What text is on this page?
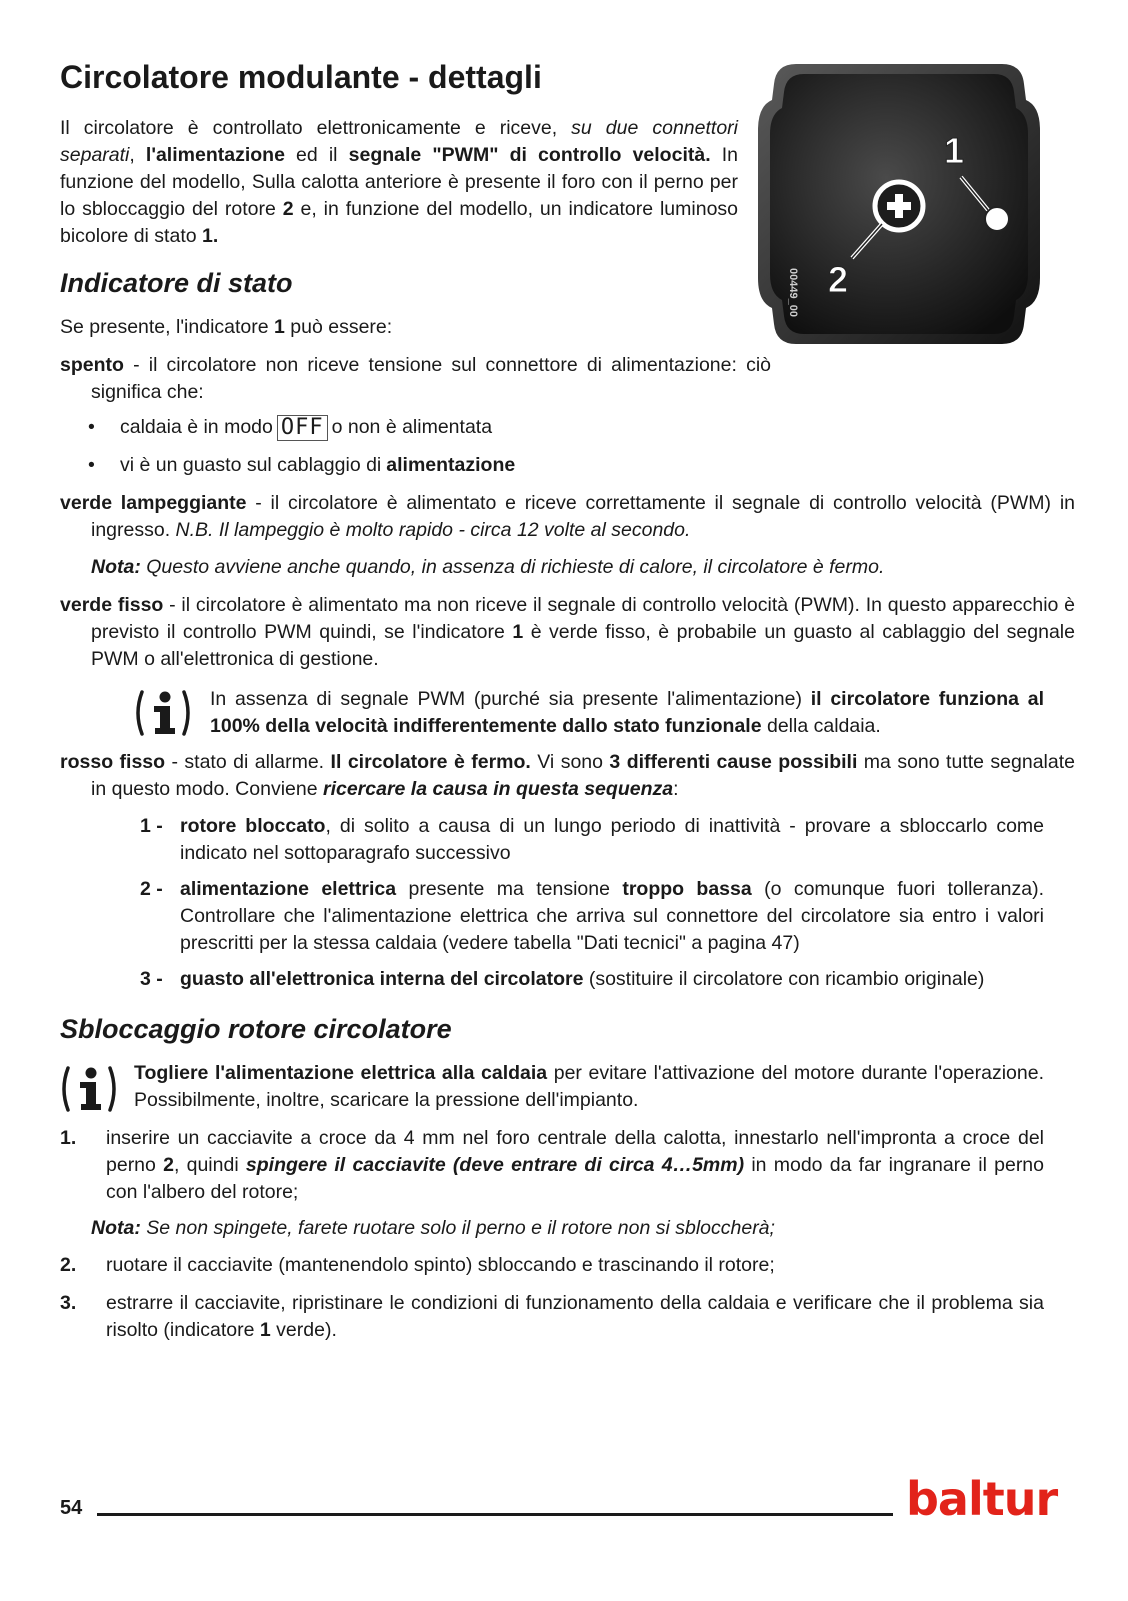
Circolatore modulante - dettagli

Il circolatore è controllato elettronicamente e riceve, su due connettori separati, l'alimentazione ed il segnale "PWM" di controllo velocità. In funzione del modello, Sulla calotta anteriore è presente il foro con il perno per lo sbloccaggio del rotore 2 e, in funzione del modello, un indicatore luminoso bicolore di stato 1.

00449_00 2
1
Indicatore di stato

Se presente, l'indicatore 1 può essere:

spento - il circolatore non riceve tensione sul connettore di alimentazione: ciò significa che:

•	caldaia è in modo OFF o non è alimentata
•	vi è un guasto sul cablaggio di alimentazione

verde lampeggiante - il circolatore è alimentato e riceve correttamente il segnale di controllo velocità (PWM) in ingresso. N.B. Il lampeggio è molto rapido - circa 12 volte al secondo.

Nota: Questo avviene anche quando, in assenza di richieste di calore, il circolatore è fermo.

verde fisso - il circolatore è alimentato ma non riceve il segnale di controllo velocità (PWM). In questo apparecchio è previsto il controllo PWM quindi, se l'indicatore 1 è verde fisso, è probabile un guasto al cablaggio del segnale PWM o all'elettronica di gestione.

In assenza di segnale PWM (purché sia presente l'alimentazione) il circolatore funziona al 100% della velocità indifferentemente dallo stato funzionale della caldaia.

rosso fisso - stato di allarme. Il circolatore è fermo. Vi sono 3 differenti cause possibili ma sono tutte segnalate in questo modo. Conviene ricercare la causa in questa sequenza:

1 - rotore bloccato, di solito a causa di un lungo periodo di inattività - provare a sbloccarlo come indicato nel sottoparagrafo successivo
2 - alimentazione elettrica presente ma tensione troppo bassa (o comunque fuori tolleranza). Controllare che l'alimentazione elettrica che arriva sul connettore del circolatore sia entro i valori prescritti per la stessa caldaia (vedere tabella "Dati tecnici" a pagina 47)
3 - guasto all'elettronica interna del circolatore (sostituire il circolatore con ricambio originale)
Sbloccaggio rotore circolatore

Togliere l'alimentazione elettrica alla caldaia per evitare l'attivazione del motore durante l'operazione. Possibilmente, inoltre, scaricare la pressione dell'impianto.

1.	inserire un cacciavite a croce da 4 mm nel foro centrale della calotta, innestarlo nell'impronta a croce del perno 2, quindi spingere il cacciavite (deve entrare di circa 4…5mm) in modo da far ingranare il perno con l'albero del rotore;

Nota: Se non spingete, farete ruotare solo il perno e il rotore non si sbloccherà;

2.	ruotare il cacciavite (mantenendolo spinto) sbloccando e trascinando il rotore;
3.	estrarre il cacciavite, ripristinare le condizioni di funzionamento della caldaia e verificare che il problema sia risolto (indicatore 1 verde).
54	baltur
